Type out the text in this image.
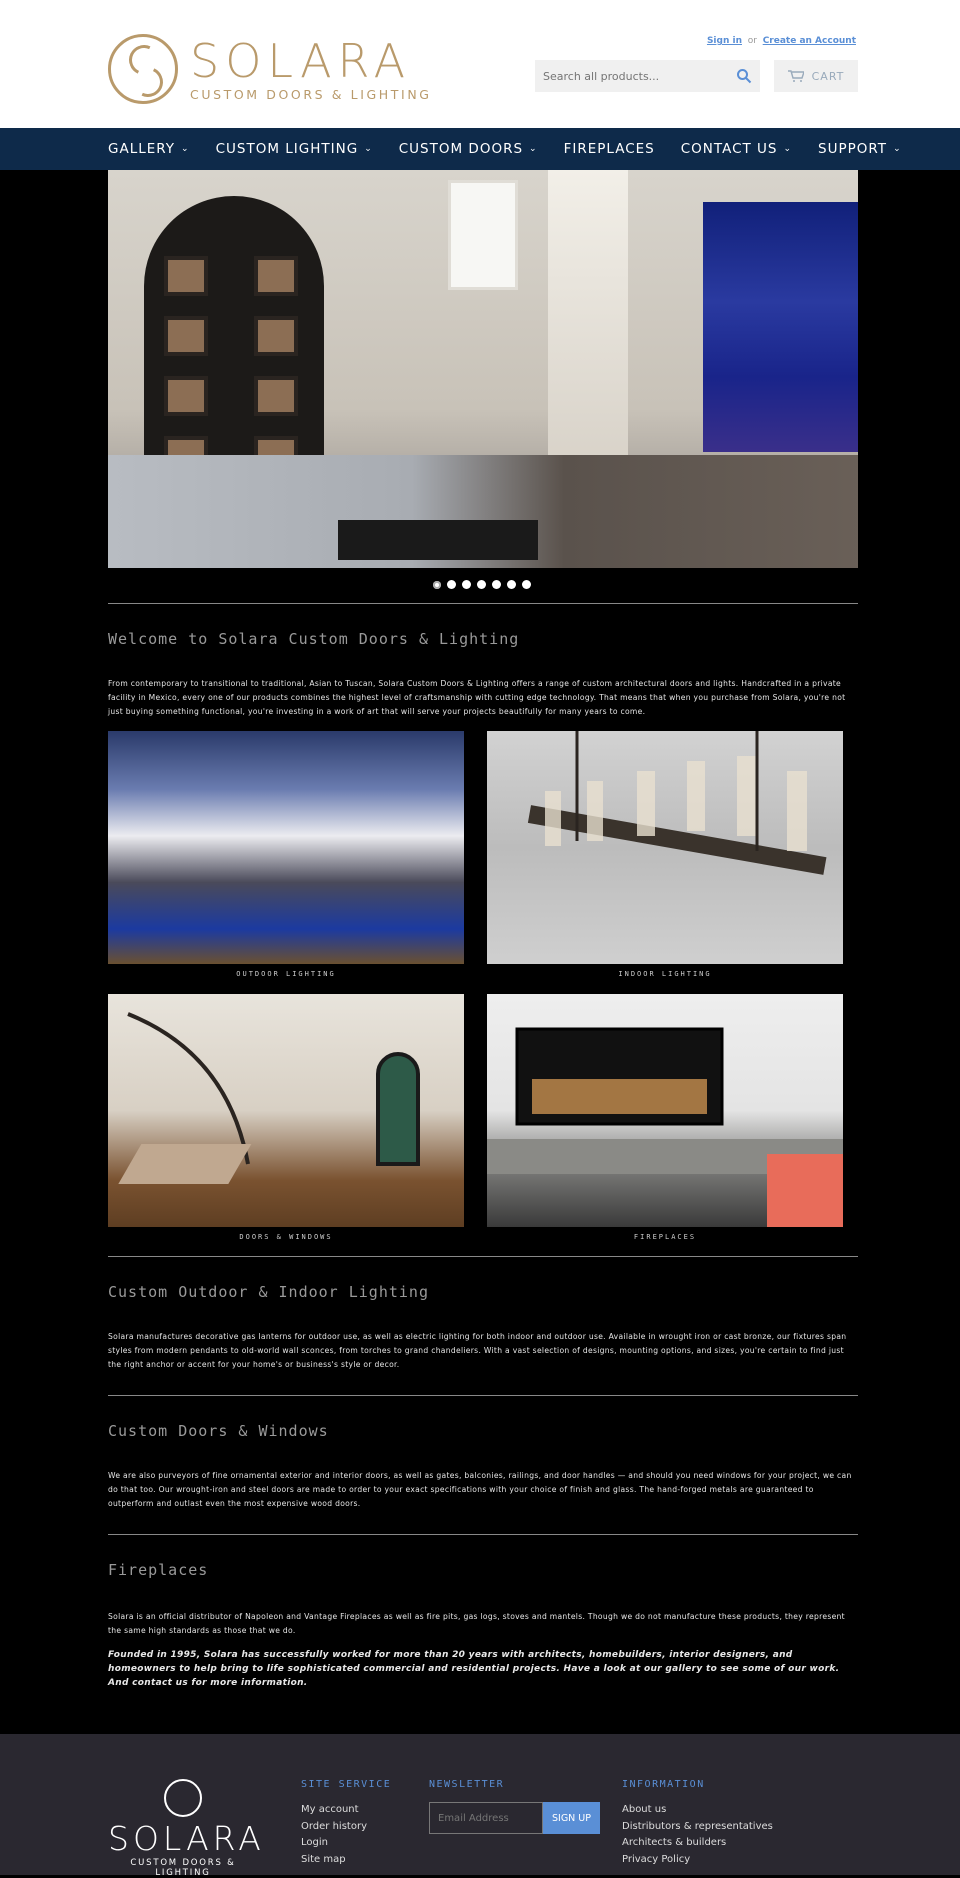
SOLARA
CUSTOM DOORS & LIGHTING
Sign in or Create an Account
Search all products...
CART
GALLERY ⌄ CUSTOM LIGHTING ⌄ CUSTOM DOORS ⌄ FIREPLACES CONTACT US ⌄ SUPPORT ⌄
Welcome to Solara Custom Doors & Lighting
From contemporary to transitional to traditional, Asian to Tuscan, Solara Custom Doors & Lighting offers a range of custom architectural doors and lights. Handcrafted in a private facility in Mexico, every one of our products combines the highest level of craftsmanship with cutting edge technology. That means that when you purchase from Solara, you're not just buying something functional, you're investing in a work of art that will serve your projects beautifully for many years to come.
OUTDOOR LIGHTING	INDOOR LIGHTING
DOORS & WINDOWS	FIREPLACES
Custom Outdoor & Indoor Lighting
Solara manufactures decorative gas lanterns for outdoor use, as well as electric lighting for both indoor and outdoor use. Available in wrought iron or cast bronze, our fixtures span styles from modern pendants to old-world wall sconces, from torches to grand chandeliers. With a vast selection of designs, mounting options, and sizes, you're certain to find just the right anchor or accent for your home's or business's style or decor.
Custom Doors & Windows
We are also purveyors of fine ornamental exterior and interior doors, as well as gates, balconies, railings, and door handles — and should you need windows for your project, we can do that too. Our wrought-iron and steel doors are made to order to your exact specifications with your choice of finish and glass. The hand-forged metals are guaranteed to outperform and outlast even the most expensive wood doors.
Fireplaces
Solara is an official distributor of Napoleon and Vantage Fireplaces as well as fire pits, gas logs, stoves and mantels. Though we do not manufacture these products, they represent the same high standards as those that we do.
Founded in 1995, Solara has successfully worked for more than 20 years with architects, homebuilders, interior designers, and homeowners to help bring to life sophisticated commercial and residential projects. Have a look at our gallery to see some of our work. And contact us for more information.
SOLARA
CUSTOM DOORS & LIGHTING
SITE SERVICE
My account
Order history
Login
Site map
NEWSLETTER
Email Address
SIGN UP
INFORMATION
About us
Distributors & representatives
Architects & builders
Privacy Policy
